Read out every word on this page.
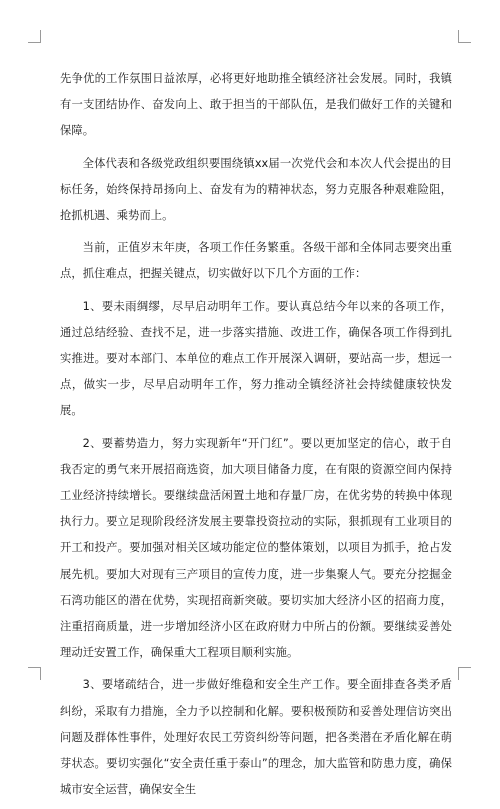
先争优的工作氛围日益浓厚，必将更好地助推全镇经济社会发展。同时，我镇有一支团结协作、奋发向上、敢于担当的干部队伍，是我们做好工作的关键和保障。

全体代表和各级党政组织要围绕镇xx届一次党代会和本次人代会提出的目标任务，始终保持昂扬向上、奋发有为的精神状态，努力克服各种艰难险阻，抢抓机遇、乘势而上。

当前，正值岁末年庚，各项工作任务繁重。各级干部和全体同志要突出重点，抓住难点，把握关键点，切实做好以下几个方面的工作：

1、要未雨绸缪，尽早启动明年工作。要认真总结今年以来的各项工作，通过总结经验、查找不足，进一步落实措施、改进工作，确保各项工作得到扎实推进。要对本部门、本单位的难点工作开展深入调研，要站高一步，想远一点，做实一步，尽早启动明年工作，努力推动全镇经济社会持续健康较快发展。

2、要蓄势造力，努力实现新年“开门红”。要以更加坚定的信心，敢于自我否定的勇气来开展招商选资，加大项目储备力度，在有限的资源空间内保持工业经济持续增长。要继续盘活闲置土地和存量厂房，在优劣势的转换中体现执行力。要立足现阶段经济发展主要靠投资拉动的实际，狠抓现有工业项目的开工和投产。要加强对相关区域功能定位的整体策划，以项目为抓手，抢占发展先机。要加大对现有三产项目的宣传力度，进一步集聚人气。要充分挖掘金石湾功能区的潜在优势，实现招商新突破。要切实加大经济小区的招商力度，注重招商质量，进一步增加经济小区在政府财力中所占的份额。要继续妥善处理动迁安置工作，确保重大工程项目顺利实施。

3、要堵疏结合，进一步做好维稳和安全生产工作。要全面排查各类矛盾纠纷，采取有力措施，全力予以控制和化解。要积极预防和妥善处理信访突出问题及群体性事件，处理好农民工劳资纠纷等问题，把各类潜在矛盾化解在萌芽状态。要切实强化“安全责任重于泰山”的理念，加大监管和防患力度，确保城市安全运营，确保安全生
